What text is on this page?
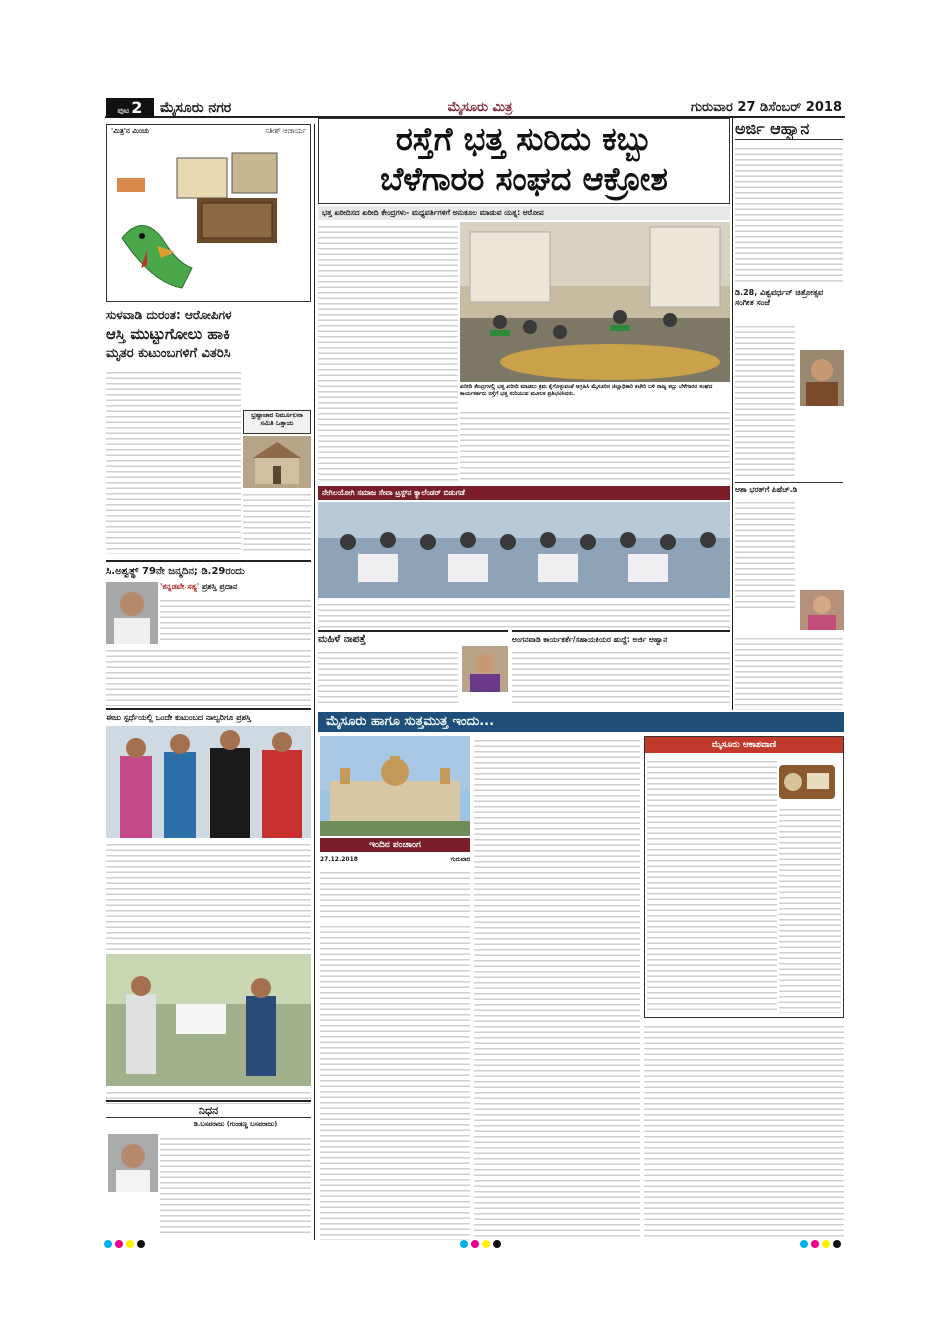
ಪುಟ 2	ಮೈಸೂರು ನಗರ	ಮೈಸೂರು ಮಿತ್ರ	ಗುರುವಾರ 27 ಡಿಸೆಂಬರ್ 2018
'ಮಿತ್ರ'ನ ಮಿಂಚು	ಸತೀಶ್ ಆಚಾರ್ಯ	ರಸ್ತೆಗೆ ಭತ್ತ ಸುರಿದು ಕಬ್ಬು
ಬೆಳೆಗಾರರ ಸಂಘದ ಆಕ್ರೋಶ
ಭತ್ತ ಖರೀದಿಸದ ಖರೀದಿ ಕೇಂದ್ರಗಳು- ಮಧ್ಯವರ್ತಿಗಳಿಗೆ ಅನುಕೂಲ ಮಾಡುವ ಯತ್ನ: ಆರೋಪ
ಖರೀದಿ ಕೇಂದ್ರಗಳಲ್ಲಿ ಭತ್ತ ಖರೀದಿ ಮಾಡಲು ಕ್ರಮ ಕೈಗೊಳ್ಳುವಂತೆ ಆಗ್ರಹಿಸಿ ಮೈಸೂರಿನ ಜಿಲ್ಲಾಧಿಕಾರಿ ಕಚೇರಿ ಬಳಿ ರಾಜ್ಯ ಕಬ್ಬು ಬೆಳೆಗಾರರ ಸಂಘದ ಕಾರ್ಯಕರ್ತರು ರಸ್ತೆಗೆ ಭತ್ತ ಸುರಿಯುವ ಮೂಲಕ ಪ್ರತಿಭಟಿಸಿದರು.
ಅರ್ಜಿ ಆಹ್ವಾನ
ಡಿ.28, ವಿಶ್ವವರ್ಧನ್ ಚಿತ್ರೋತ್ಸವ ಸಂಗೀತ ಸಂಜೆ
ಆಶಾ ಭರತ್‌ಗೆ ಪಿಹೆಚ್.ಡಿ
ಸುಳವಾಡಿ ದುರಂತ: ಆರೋಪಿಗಳ
ಆಸ್ತಿ ಮುಟ್ಟುಗೋಲು ಹಾಕಿ
ಮೃತರ ಕುಟುಂಬಗಳಿಗೆ ವಿತರಿಸಿ
ಭ್ರಷ್ಟಾಚಾರ ನಿರ್ಮೂಲನಾ ಸಮಿತಿ ಒತ್ತಾಯ
ಸಿ.ಅಶ್ವತ್ಥ್ 79ನೇ ಜನ್ಮದಿನ; ಡಿ.29ರಂದು
'ಕನ್ನಡವೇ ಸತ್ಯ' ಪ್ರಶಸ್ತಿ ಪ್ರದಾನ
ಈಜು ಸ್ಪರ್ಧೆಯಲ್ಲಿ ಒಂದೇ ಕುಟುಂಬದ ನಾಲ್ವರಿಗೂ ಪ್ರಶಸ್ತಿ
ನಿಧನ
ಡಿ.ಬಸವರಾಜು (ಗುಂಡಣ್ಣ ಬಸವರಾಜು)
ನೇಗಿಲಯೋಗಿ ಸಮಾಜ ಸೇವಾ ಟ್ರಸ್ಟ್‌ನ ಕ್ಯಾಲೆಂಡರ್ ಬಿಡುಗಡೆ
ಮಹಿಳೆ ನಾಪತ್ತೆ	ಅಂಗನವಾಡಿ ಕಾರ್ಯಕರ್ತೆ/ಸಹಾಯಕಿಯರ ಹುದ್ದೆ: ಅರ್ಜಿ ಆಹ್ವಾನ
ಮೈಸೂರು ಹಾಗೂ ಸುತ್ತಮುತ್ತ ಇಂದು...
ಇಂದಿನ ಪಂಚಾಂಗ
27.12.2018	ಗುರುವಾರ
ಮೈಸೂರು ಆಕಾಶವಾಣಿ
